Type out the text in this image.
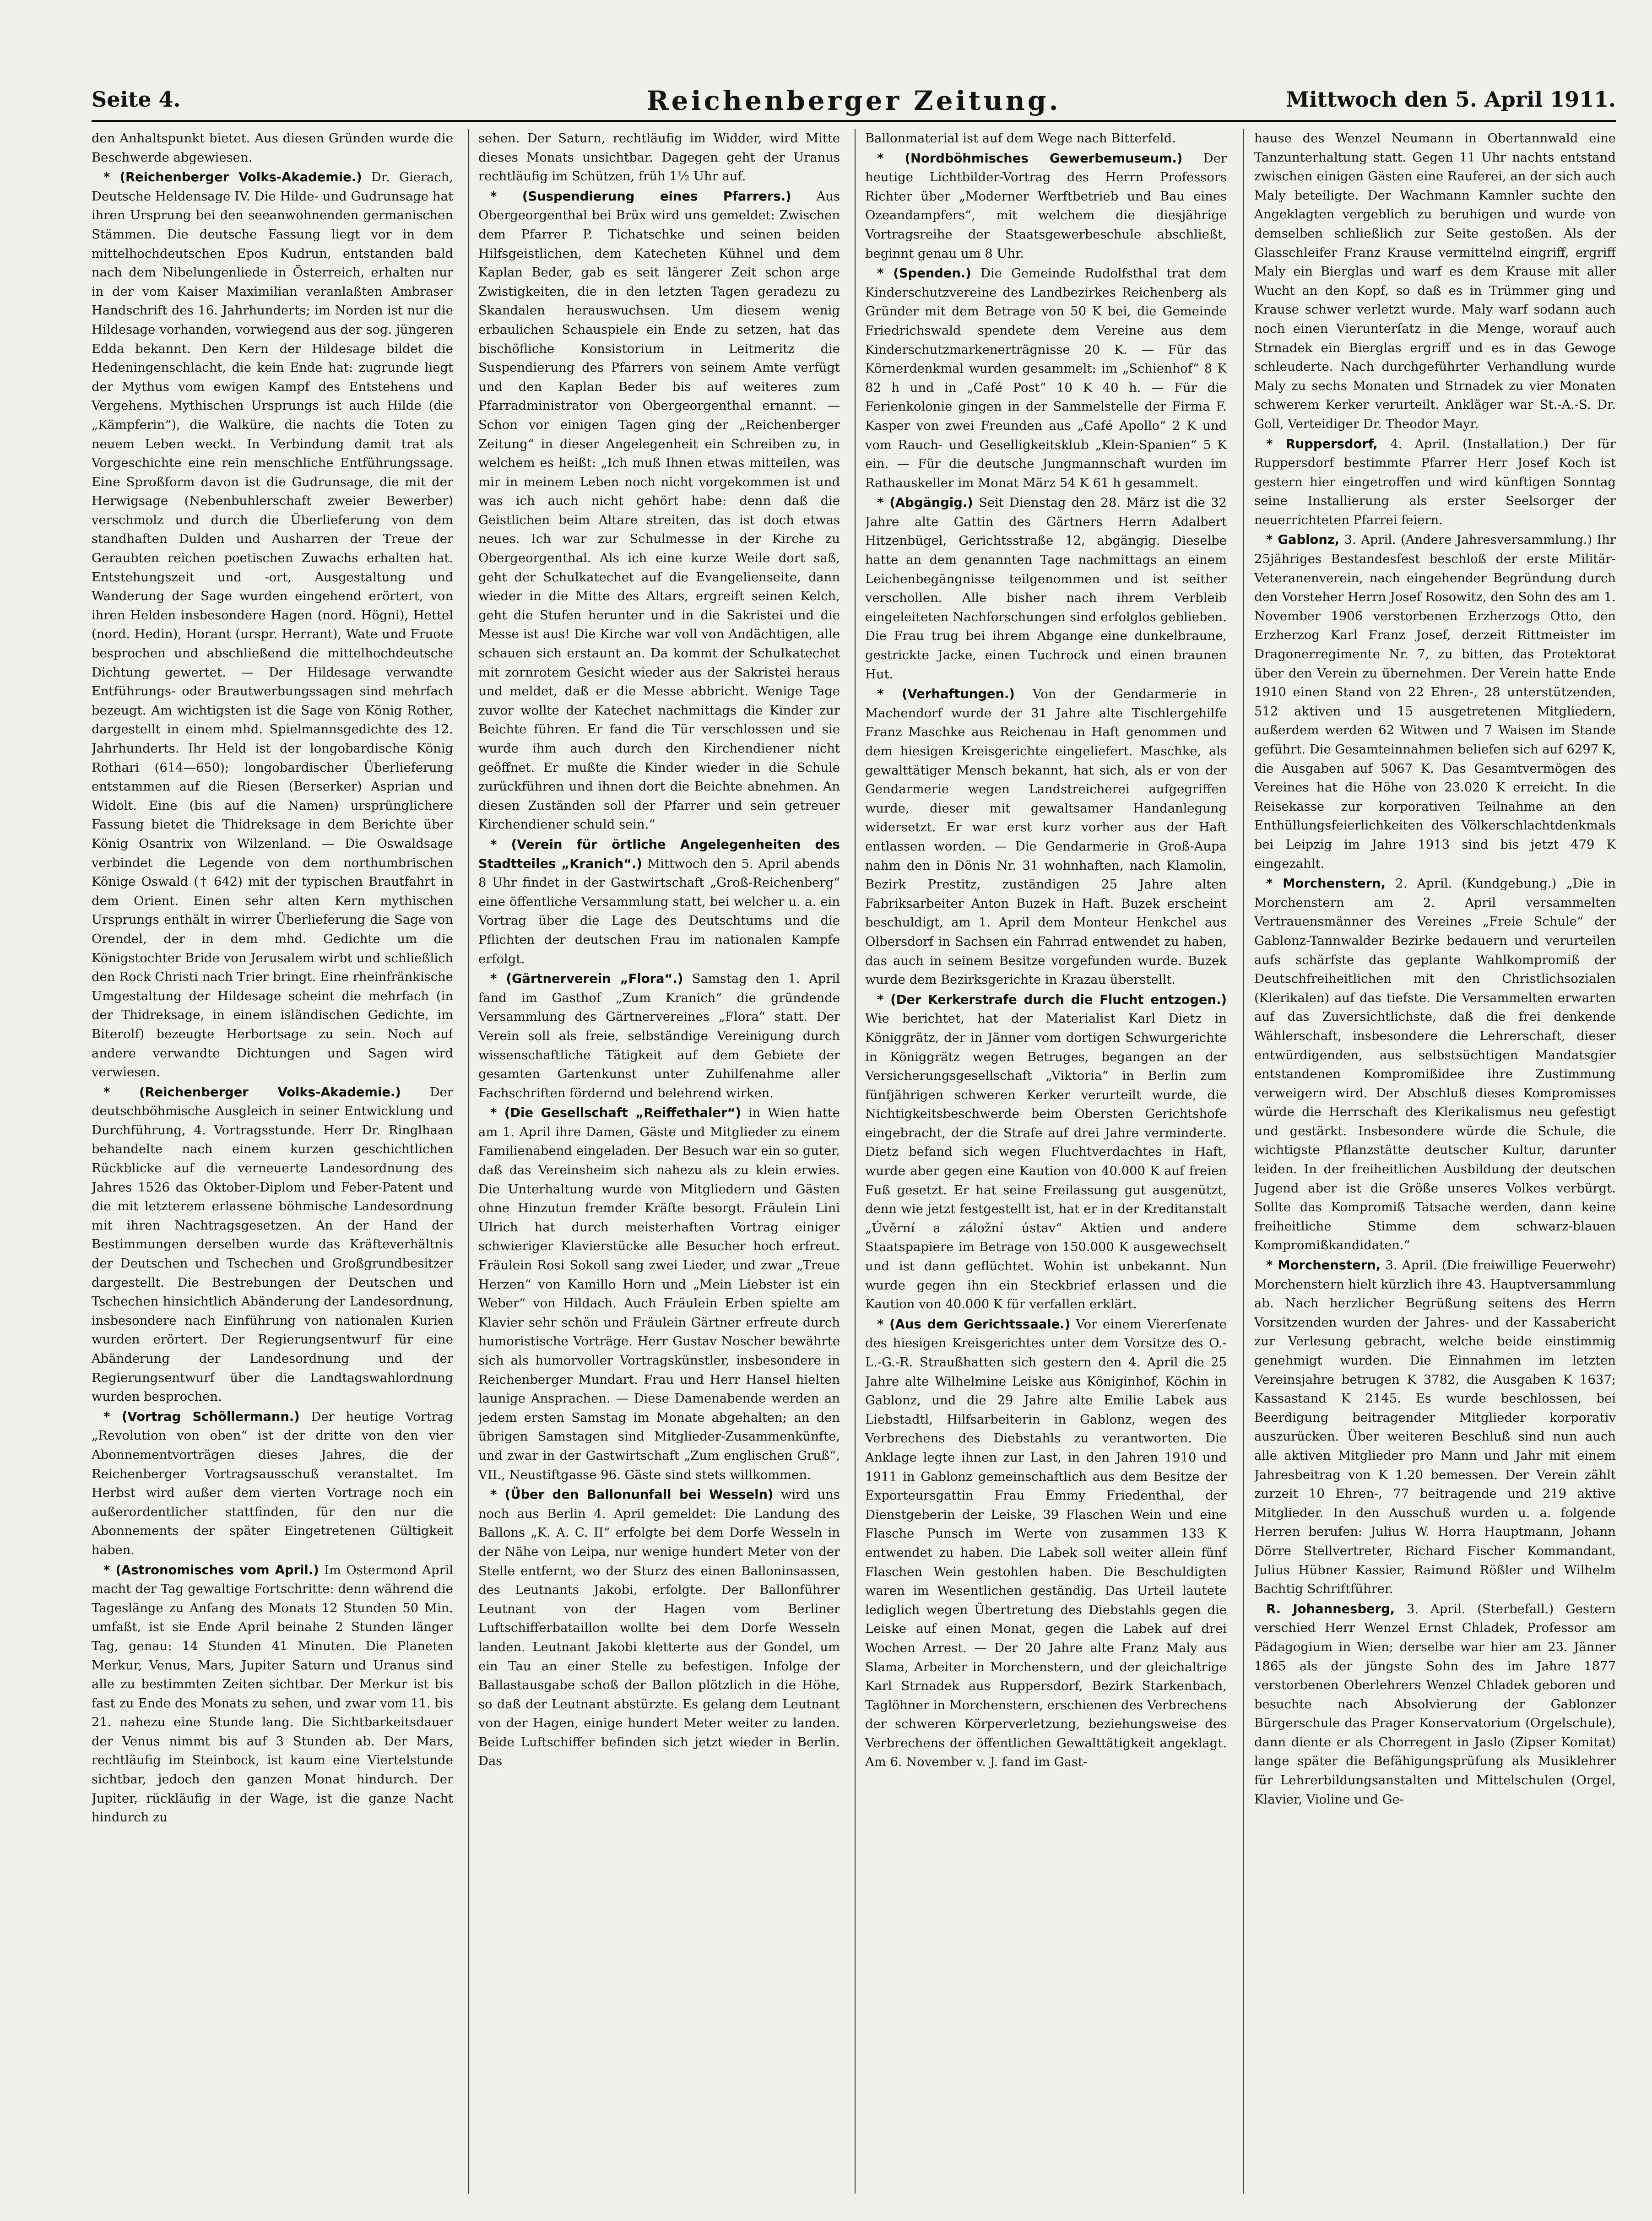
Seite 4.	Reichenberger Zeitung.	Mittwoch den 5. April 1911.

den Anhaltspunkt bietet. Aus diesen Gründen wurde die Beschwerde abgewiesen.

* (Reichenberger Volks-Akademie.) Dr. Gierach, Deutsche Heldensage IV. Die Hilde- und Gudrunsage hat ihren Ursprung bei den seeanwohnenden germanischen Stämmen. Die deutsche Fassung liegt vor in dem mittelhochdeutschen Epos Kudrun, entstanden bald nach dem Nibelungenliede in Österreich, erhalten nur in der vom Kaiser Maximilian veranlaßten Ambraser Handschrift des 16. Jahrhunderts; im Norden ist nur die Hildesage vorhanden, vorwiegend aus der sog. jüngeren Edda bekannt. Den Kern der Hildesage bildet die Hedeningenschlacht, die kein Ende hat: zugrunde liegt der Mythus vom ewigen Kampf des Entstehens und Vergehens. Mythischen Ursprungs ist auch Hilde (die „Kämpferin“), die Walküre, die nachts die Toten zu neuem Leben weckt. In Verbindung damit trat als Vorgeschichte eine rein menschliche Entführungssage. Eine Sproßform davon ist die Gudrunsage, die mit der Herwigsage (Nebenbuhlerschaft zweier Bewerber) verschmolz und durch die Überlieferung von dem standhaften Dulden und Ausharren der Treue der Geraubten reichen poetischen Zuwachs erhalten hat. Entstehungszeit und -ort, Ausgestaltung und Wanderung der Sage wurden eingehend erörtert, von ihren Helden insbesondere Hagen (nord. Högni), Hettel (nord. Hedin), Horant (urspr. Herrant), Wate und Fruote besprochen und abschließend die mittelhochdeutsche Dichtung gewertet. — Der Hildesage verwandte Entführungs- oder Brautwerbungssagen sind mehrfach bezeugt. Am wichtigsten ist die Sage von König Rother, dargestellt in einem mhd. Spielmannsgedichte des 12. Jahrhunderts. Ihr Held ist der longobardische König Rothari (614—650); longobardischer Überlieferung entstammen auf die Riesen (Berserker) Asprian und Widolt. Eine (bis auf die Namen) ursprünglichere Fassung bietet die Thidreksage in dem Berichte über König Osantrix von Wilzenland. — Die Oswaldsage verbindet die Legende von dem northumbrischen Könige Oswald († 642) mit der typischen Brautfahrt in dem Orient. Einen sehr alten Kern mythischen Ursprungs enthält in wirrer Überlieferung die Sage von Orendel, der in dem mhd. Gedichte um die Königstochter Bride von Jerusalem wirbt und schließlich den Rock Christi nach Trier bringt. Eine rheinfränkische Umgestaltung der Hildesage scheint die mehrfach (in der Thidreksage, in einem isländischen Gedichte, im Biterolf) bezeugte Herbortsage zu sein. Noch auf andere verwandte Dichtungen und Sagen wird verwiesen.

* (Reichenberger Volks-Akademie.) Der deutschböhmische Ausgleich in seiner Entwicklung und Durchführung, 4. Vortragsstunde. Herr Dr. Ringlhaan behandelte nach einem kurzen geschichtlichen Rückblicke auf die verneuerte Landesordnung des Jahres 1526 das Oktober-Diplom und Feber-Patent und die mit letzterem erlassene böhmische Landesordnung mit ihren Nachtragsgesetzen. An der Hand der Bestimmungen derselben wurde das Kräfteverhältnis der Deutschen und Tschechen und Großgrundbesitzer dargestellt. Die Bestrebungen der Deutschen und Tschechen hinsichtlich Abänderung der Landesordnung, insbesondere nach Einführung von nationalen Kurien wurden erörtert. Der Regierungsentwurf für eine Abänderung der Landesordnung und der Regierungsentwurf über die Landtagswahlordnung wurden besprochen.

* (Vortrag Schöllermann.) Der heutige Vortrag „Revolution von oben“ ist der dritte von den vier Abonnementvorträgen dieses Jahres, die der Reichenberger Vortragsausschuß veranstaltet. Im Herbst wird außer dem vierten Vortrage noch ein außerordentlicher stattfinden, für den nur die Abonnements der später Eingetretenen Gültigkeit haben.

* (Astronomisches vom April.) Im Ostermond April macht der Tag gewaltige Fortschritte: denn während die Tageslänge zu Anfang des Monats 12 Stunden 50 Min. umfaßt, ist sie Ende April beinahe 2 Stunden länger Tag, genau: 14 Stunden 41 Minuten. Die Planeten Merkur, Venus, Mars, Jupiter Saturn und Uranus sind alle zu bestimmten Zeiten sichtbar. Der Merkur ist bis fast zu Ende des Monats zu sehen, und zwar vom 11. bis 21. nahezu eine Stunde lang. Die Sichtbarkeitsdauer der Venus nimmt bis auf 3 Stunden ab. Der Mars, rechtläufig im Steinbock, ist kaum eine Viertelstunde sichtbar, jedoch den ganzen Monat hindurch. Der Jupiter, rückläufig in der Wage, ist die ganze Nacht hindurch zu

sehen. Der Saturn, rechtläufig im Widder, wird Mitte dieses Monats unsichtbar. Dagegen geht der Uranus rechtläufig im Schützen, früh 1½ Uhr auf.

* (Suspendierung eines Pfarrers.) Aus Obergeorgenthal bei Brüx wird uns gemeldet: Zwischen dem Pfarrer P. Tichatschke und seinen beiden Hilfsgeistlichen, dem Katecheten Kühnel und dem Kaplan Beder, gab es seit längerer Zeit schon arge Zwistigkeiten, die in den letzten Tagen geradezu zu Skandalen herauswuchsen. Um diesem wenig erbaulichen Schauspiele ein Ende zu setzen, hat das bischöfliche Konsistorium in Leitmeritz die Suspendierung des Pfarrers von seinem Amte verfügt und den Kaplan Beder bis auf weiteres zum Pfarradministrator von Obergeorgenthal ernannt. — Schon vor einigen Tagen ging der „Reichenberger Zeitung“ in dieser Angelegenheit ein Schreiben zu, in welchem es heißt: „Ich muß Ihnen etwas mitteilen, was mir in meinem Leben noch nicht vorgekommen ist und was ich auch nicht gehört habe: denn daß die Geistlichen beim Altare streiten, das ist doch etwas neues. Ich war zur Schulmesse in der Kirche zu Obergeorgenthal. Als ich eine kurze Weile dort saß, geht der Schulkatechet auf die Evangelienseite, dann wieder in die Mitte des Altars, ergreift seinen Kelch, geht die Stufen herunter und in die Sakristei und die Messe ist aus! Die Kirche war voll von Andächtigen, alle schauen sich erstaunt an. Da kommt der Schulkatechet mit zornrotem Gesicht wieder aus der Sakristei heraus und meldet, daß er die Messe abbricht. Wenige Tage zuvor wollte der Katechet nachmittags die Kinder zur Beichte führen. Er fand die Tür verschlossen und sie wurde ihm auch durch den Kirchendiener nicht geöffnet. Er mußte die Kinder wieder in die Schule zurückführen und ihnen dort die Beichte abnehmen. An diesen Zuständen soll der Pfarrer und sein getreuer Kirchendiener schuld sein.“

* (Verein für örtliche Angelegenheiten des Stadtteiles „Kranich“.) Mittwoch den 5. April abends 8 Uhr findet in der Gastwirtschaft „Groß-Reichenberg“ eine öffentliche Versammlung statt, bei welcher u. a. ein Vortrag über die Lage des Deutschtums und die Pflichten der deutschen Frau im nationalen Kampfe erfolgt.

* (Gärtnerverein „Flora“.) Samstag den 1. April fand im Gasthof „Zum Kranich“ die gründende Versammlung des Gärtnervereines „Flora“ statt. Der Verein soll als freie, selbständige Vereinigung durch wissenschaftliche Tätigkeit auf dem Gebiete der gesamten Gartenkunst unter Zuhilfenahme aller Fachschriften fördernd und belehrend wirken.

* (Die Gesellschaft „Reiffethaler“) in Wien hatte am 1. April ihre Damen, Gäste und Mitglieder zu einem Familienabend eingeladen. Der Besuch war ein so guter, daß das Vereinsheim sich nahezu als zu klein erwies. Die Unterhaltung wurde von Mitgliedern und Gästen ohne Hinzutun fremder Kräfte besorgt. Fräulein Lini Ulrich hat durch meisterhaften Vortrag einiger schwieriger Klavierstücke alle Besucher hoch erfreut. Fräulein Rosi Sokoll sang zwei Lieder, und zwar „Treue Herzen“ von Kamillo Horn und „Mein Liebster ist ein Weber“ von Hildach. Auch Fräulein Erben spielte am Klavier sehr schön und Fräulein Gärtner erfreute durch humoristische Vorträge. Herr Gustav Noscher bewährte sich als humorvoller Vortragskünstler, insbesondere in Reichenberger Mundart. Frau und Herr Hansel hielten launige Ansprachen. — Diese Damenabende werden an jedem ersten Samstag im Monate abgehalten; an den übrigen Samstagen sind Mitglieder-Zusammenkünfte, und zwar in der Gastwirtschaft „Zum englischen Gruß“, VII., Neustiftgasse 96. Gäste sind stets willkommen.

* (Über den Ballonunfall bei Wesseln) wird uns noch aus Berlin 4. April gemeldet: Die Landung des Ballons „K. A. C. II“ erfolgte bei dem Dorfe Wesseln in der Nähe von Leipa, nur wenige hundert Meter von der Stelle entfernt, wo der Sturz des einen Balloninsassen, des Leutnants Jakobi, erfolgte. Der Ballonführer Leutnant von der Hagen vom Berliner Luftschifferbataillon wollte bei dem Dorfe Wesseln landen. Leutnant Jakobi kletterte aus der Gondel, um ein Tau an einer Stelle zu befestigen. Infolge der Ballastausgabe schoß der Ballon plötzlich in die Höhe, so daß der Leutnant abstürzte. Es gelang dem Leutnant von der Hagen, einige hundert Meter weiter zu landen. Beide Luftschiffer befinden sich jetzt wieder in Berlin. Das

Ballonmaterial ist auf dem Wege nach Bitterfeld.

* (Nordböhmisches Gewerbemuseum.) Der heutige Lichtbilder-Vortrag des Herrn Professors Richter über „Moderner Werftbetrieb und Bau eines Ozeandampfers“, mit welchem die diesjährige Vortragsreihe der Staatsgewerbeschule abschließt, beginnt genau um 8 Uhr.

* (Spenden.) Die Gemeinde Rudolfsthal trat dem Kinderschutzvereine des Landbezirkes Reichenberg als Gründer mit dem Betrage von 50 K bei, die Gemeinde Friedrichswald spendete dem Vereine aus dem Kinderschutzmarkenerträgnisse 20 K. — Für das Körnerdenkmal wurden gesammelt: im „Schienhof“ 8 K 82 h und in „Café Post“ 10 K 40 h. — Für die Ferienkolonie gingen in der Sammelstelle der Firma F. Kasper von zwei Freunden aus „Café Apollo“ 2 K und vom Rauch- und Geselligkeitsklub „Klein-Spanien“ 5 K ein. — Für die deutsche Jungmannschaft wurden im Rathauskeller im Monat März 54 K 61 h gesammelt.

* (Abgängig.) Seit Dienstag den 28. März ist die 32 Jahre alte Gattin des Gärtners Herrn Adalbert Hitzenbügel, Gerichtsstraße 12, abgängig. Dieselbe hatte an dem genannten Tage nachmittags an einem Leichenbegängnisse teilgenommen und ist seither verschollen. Alle bisher nach ihrem Verbleib eingeleiteten Nachforschungen sind erfolglos geblieben. Die Frau trug bei ihrem Abgange eine dunkelbraune, gestrickte Jacke, einen Tuchrock und einen braunen Hut.

* (Verhaftungen.) Von der Gendarmerie in Machendorf wurde der 31 Jahre alte Tischlergehilfe Franz Maschke aus Reichenau in Haft genommen und dem hiesigen Kreisgerichte eingeliefert. Maschke, als gewalttätiger Mensch bekannt, hat sich, als er von der Gendarmerie wegen Landstreicherei aufgegriffen wurde, dieser mit gewaltsamer Handanlegung widersetzt. Er war erst kurz vorher aus der Haft entlassen worden. — Die Gendarmerie in Groß-Aupa nahm den in Dönis Nr. 31 wohnhaften, nach Klamolin, Bezirk Prestitz, zuständigen 25 Jahre alten Fabriksarbeiter Anton Buzek in Haft. Buzek erscheint beschuldigt, am 1. April dem Monteur Henkchel aus Olbersdorf in Sachsen ein Fahrrad entwendet zu haben, das auch in seinem Besitze vorgefunden wurde. Buzek wurde dem Bezirksgerichte in Krazau überstellt.

* (Der Kerkerstrafe durch die Flucht entzogen.) Wie berichtet, hat der Materialist Karl Dietz in Königgrätz, der in Jänner vom dortigen Schwurgerichte in Königgrätz wegen Betruges, begangen an der Versicherungsgesellschaft „Viktoria“ in Berlin zum fünfjährigen schweren Kerker verurteilt wurde, die Nichtigkeitsbeschwerde beim Obersten Gerichtshofe eingebracht, der die Strafe auf drei Jahre verminderte. Dietz befand sich wegen Fluchtverdachtes in Haft, wurde aber gegen eine Kaution von 40.000 K auf freien Fuß gesetzt. Er hat seine Freilassung gut ausgenützt, denn wie jetzt festgestellt ist, hat er in der Kreditanstalt „Úvěrní a záložní ústav“ Aktien und andere Staatspapiere im Betrage von 150.000 K ausgewechselt und ist dann geflüchtet. Wohin ist unbekannt. Nun wurde gegen ihn ein Steckbrief erlassen und die Kaution von 40.000 K für verfallen erklärt.

* (Aus dem Gerichtssaale.) Vor einem Viererſenate des hiesigen Kreisgerichtes unter dem Vorsitze des O.-L.-G.-R. Straußhatten sich gestern den 4. April die 25 Jahre alte Wilhelmine Leiske aus Königinhof, Köchin in Gablonz, und die 29 Jahre alte Emilie Labek aus Liebstadtl, Hilfsarbeiterin in Gablonz, wegen des Verbrechens des Diebstahls zu verantworten. Die Anklage legte ihnen zur Last, in den Jahren 1910 und 1911 in Gablonz gemeinschaftlich aus dem Besitze der Exporteursgattin Frau Emmy Friedenthal, der Dienstgeberin der Leiske, 39 Flaschen Wein und eine Flasche Punsch im Werte von zusammen 133 K entwendet zu haben. Die Labek soll weiter allein fünf Flaschen Wein gestohlen haben. Die Beschuldigten waren im Wesentlichen geständig. Das Urteil lautete lediglich wegen Übertretung des Diebstahls gegen die Leiske auf einen Monat, gegen die Labek auf drei Wochen Arrest. — Der 20 Jahre alte Franz Maly aus Slama, Arbeiter in Morchenstern, und der gleichaltrige Karl Strnadek aus Ruppersdorf, Bezirk Starkenbach, Taglöhner in Morchenstern, erschienen des Verbrechens der schweren Körperverletzung, beziehungsweise des Verbrechens der öffentlichen Gewalttätigkeit angeklagt. Am 6. November v. J. fand im Gast-

hause des Wenzel Neumann in Obertannwald eine Tanzunterhaltung statt. Gegen 11 Uhr nachts entstand zwischen einigen Gästen eine Rauferei, an der sich auch Maly beteiligte. Der Wachmann Kamnler suchte den Angeklagten vergeblich zu beruhigen und wurde von demselben schließlich zur Seite gestoßen. Als der Glasschleifer Franz Krause vermittelnd eingriff, ergriff Maly ein Bierglas und warf es dem Krause mit aller Wucht an den Kopf, so daß es in Trümmer ging und Krause schwer verletzt wurde. Maly warf sodann auch noch einen Vierunterſatz in die Menge, worauf auch Strnadek ein Bierglas ergriff und es in das Gewoge schleuderte. Nach durchgeführter Verhandlung wurde Maly zu sechs Monaten und Strnadek zu vier Monaten schwerem Kerker verurteilt. Ankläger war St.-A.-S. Dr. Goll, Verteidiger Dr. Theodor Mayr.

* Ruppersdorf, 4. April. (Installation.) Der für Ruppersdorf bestimmte Pfarrer Herr Josef Koch ist gestern hier eingetroffen und wird künftigen Sonntag seine Installierung als erster Seelsorger der neuerrichteten Pfarrei feiern.

* Gablonz, 3. April. (Andere Jahresversammlung.) Ihr 25jähriges Bestandesfest beschloß der erste Militär-Veteranenverein, nach eingehender Begründung durch den Vorsteher Herrn Josef Rosowitz, den Sohn des am 1. November 1906 verstorbenen Erzherzogs Otto, den Erzherzog Karl Franz Josef, derzeit Rittmeister im Dragonerregimente Nr. 7, zu bitten, das Protektorat über den Verein zu übernehmen. Der Verein hatte Ende 1910 einen Stand von 22 Ehren-, 28 unterstützenden, 512 aktiven und 15 ausgetretenen Mitgliedern, außerdem werden 62 Witwen und 7 Waisen im Stande geführt. Die Gesamteinnahmen beliefen sich auf 6297 K, die Ausgaben auf 5067 K. Das Gesamtvermögen des Vereines hat die Höhe von 23.020 K erreicht. In die Reisekasse zur korporativen Teilnahme an den Enthüllungsfeierlichkeiten des Völkerschlachtdenkmals bei Leipzig im Jahre 1913 sind bis jetzt 479 K eingezahlt.

* Morchenstern, 2. April. (Kundgebung.) „Die in Morchenstern am 2. April versammelten Vertrauensmänner des Vereines „Freie Schule“ der Gablonz-Tannwalder Bezirke bedauern und verurteilen aufs schärfste das geplante Wahlkompromiß der Deutschfreiheitlichen mit den Christlichsozialen (Klerikalen) auf das tiefste. Die Versammelten erwarten auf das Zuversichtlichste, daß die frei denkende Wählerschaft, insbesondere die Lehrerschaft, dieser entwürdigenden, aus selbstsüchtigen Mandatsgier entstandenen Kompromißidee ihre Zustimmung verweigern wird. Der Abschluß dieses Kompromisses würde die Herrschaft des Klerikalismus neu gefestigt und gestärkt. Insbesondere würde die Schule, die wichtigste Pflanzstätte deutscher Kultur, darunter leiden. In der freiheitlichen Ausbildung der deutschen Jugend aber ist die Größe unseres Volkes verbürgt. Sollte das Kompromiß Tatsache werden, dann keine freiheitliche Stimme dem schwarz-blauen Kompromißkandidaten.“

* Morchenstern, 3. April. (Die freiwillige Feuerwehr) Morchenstern hielt kürzlich ihre 43. Hauptversammlung ab. Nach herzlicher Begrüßung seitens des Herrn Vorsitzenden wurden der Jahres- und der Kassabericht zur Verlesung gebracht, welche beide einstimmig genehmigt wurden. Die Einnahmen im letzten Vereinsjahre betrugen K 3782, die Ausgaben K 1637; Kassastand K 2145. Es wurde beschlossen, bei Beerdigung beitragender Mitglieder korporativ auszurücken. Über weiteren Beschluß sind nun auch alle aktiven Mitglieder pro Mann und Jahr mit einem Jahresbeitrag von K 1.20 bemessen. Der Verein zählt zurzeit 10 Ehren-, 77 beitragende und 219 aktive Mitglieder. In den Ausschuß wurden u. a. folgende Herren berufen: Julius W. Horra Hauptmann, Johann Dörre Stellvertreter, Richard Fischer Kommandant, Julius Hübner Kassier, Raimund Rößler und Wilhelm Bachtig Schriftführer.

R. Johannesberg, 3. April. (Sterbefall.) Gestern verschied Herr Wenzel Ernst Chladek, Professor am Pädagogium in Wien; derselbe war hier am 23. Jänner 1865 als der jüngste Sohn des im Jahre 1877 verstorbenen Oberlehrers Wenzel Chladek geboren und besuchte nach Absolvierung der Gablonzer Bürgerschule das Prager Konservatorium (Orgelschule), dann diente er als Chorregent in Jaslo (Zipser Komitat) lange später die Befähigungsprüfung als Musiklehrer für Lehrerbildungsanstalten und Mittelschulen (Orgel, Klavier, Violine und Ge-
